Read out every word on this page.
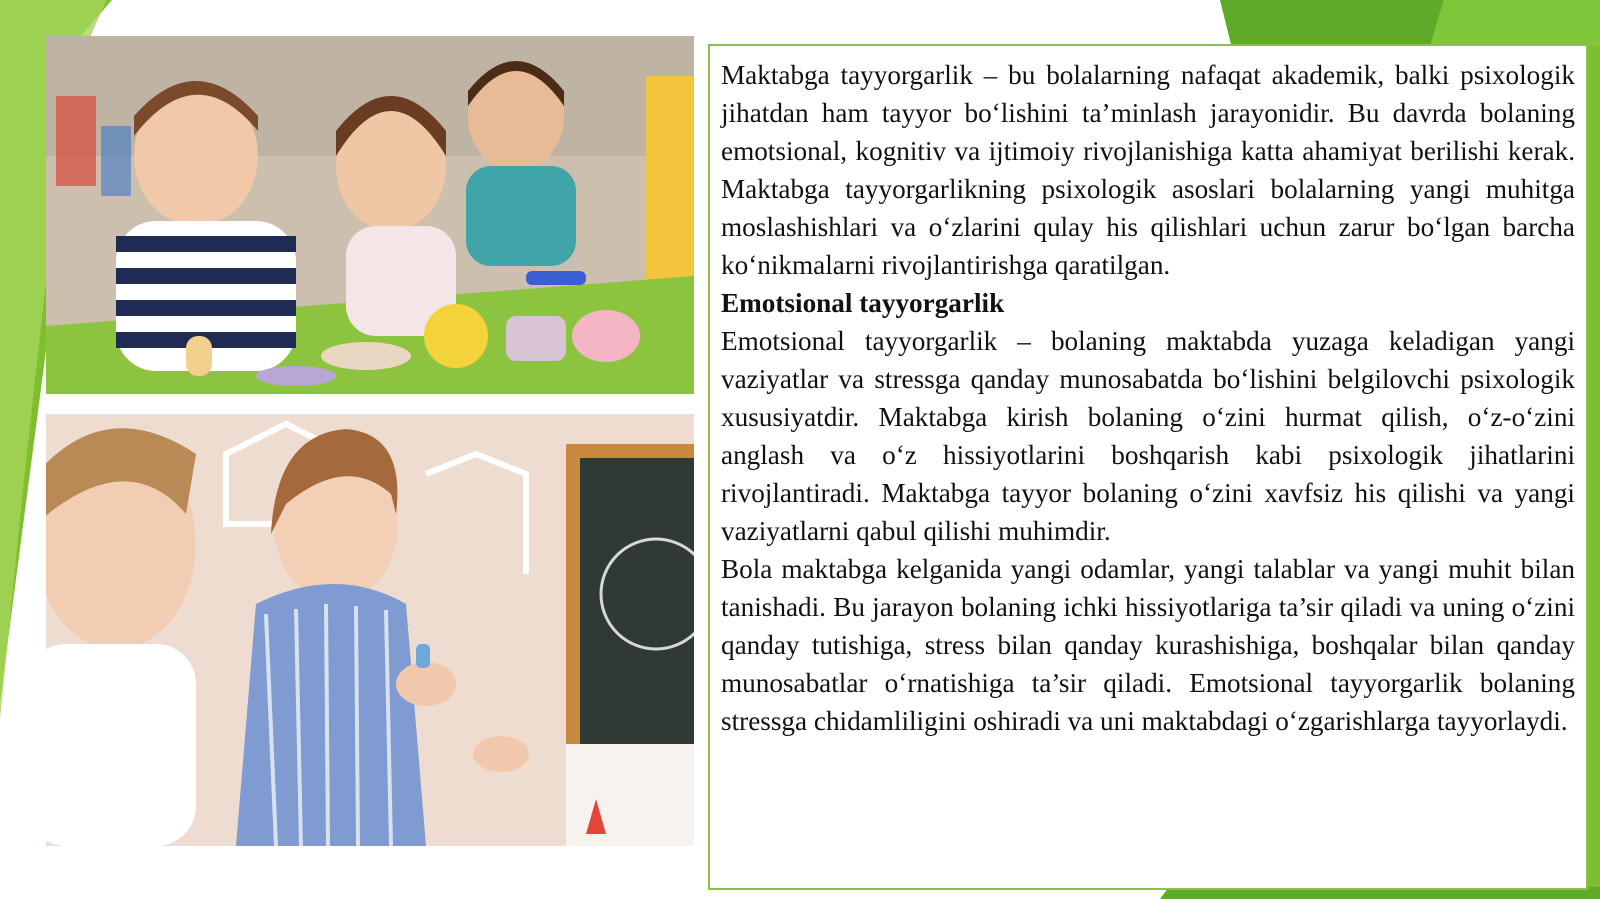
Maktabga tayyorgarlik – bu bolalarning nafaqat akademik, balki psixologik jihatdan ham tayyor bo‘lishini ta’minlash jarayonidir. Bu davrda bolaning emotsional, kognitiv va ijtimoiy rivojlanishiga katta ahamiyat berilishi kerak. Maktabga tayyorgarlikning psixologik asoslari bolalarning yangi muhitga moslashishlari va o‘zlarini qulay his qilishlari uchun zarur bo‘lgan barcha ko‘nikmalarni rivojlantirishga qaratilgan.

Emotsional tayyorgarlik

Emotsional tayyorgarlik – bolaning maktabda yuzaga keladigan yangi vaziyatlar va stressga qanday munosabatda bo‘lishini belgilovchi psixologik xususiyatdir. Maktabga kirish bolaning o‘zini hurmat qilish, o‘z-o‘zini anglash va o‘z hissiyotlarini boshqarish kabi psixologik jihatlarini rivojlantiradi. Maktabga tayyor bolaning o‘zini xavfsiz his qilishi va yangi vaziyatlarni qabul qilishi muhimdir.

Bola maktabga kelganida yangi odamlar, yangi talablar va yangi muhit bilan tanishadi. Bu jarayon bolaning ichki hissiyotlariga ta’sir qiladi va uning o‘zini qanday tutishiga, stress bilan qanday kurashishiga, boshqalar bilan qanday munosabatlar o‘rnatishiga ta’sir qiladi. Emotsional tayyorgarlik bolaning stressga chidamliligini oshiradi va uni maktabdagi o‘zgarishlarga tayyorlaydi.
